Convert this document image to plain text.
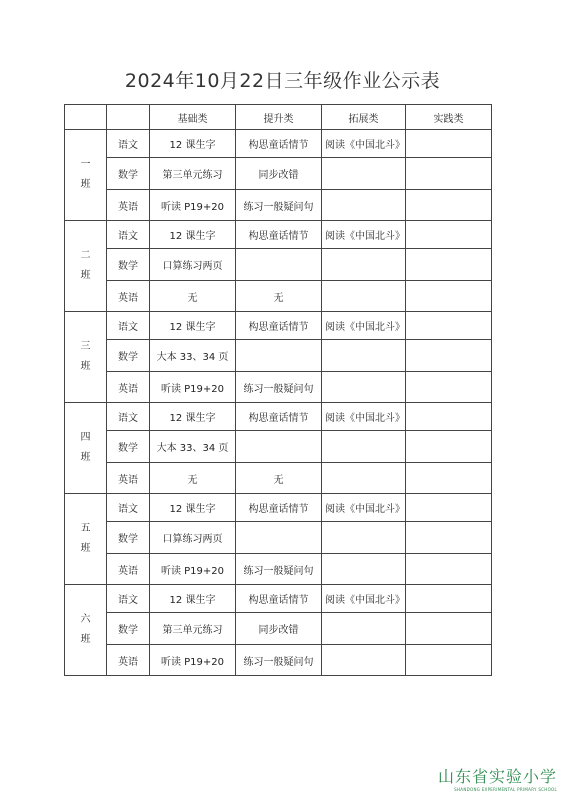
2024年10月22日三年级作业公示表
		基础类	提升类	拓展类	实践类

一
班	语文	12 课生字	构思童话情节	阅读《中国北斗》	
	数学	第三单元练习	同步改错		
	英语	听读 P19+20	练习一般疑问句		

二
班	语文	12 课生字	构思童话情节	阅读《中国北斗》	
	数学	口算练习两页			
	英语	无	无		

三
班	语文	12 课生字	构思童话情节	阅读《中国北斗》	
	数学	大本 33、34 页			
	英语	听读 P19+20	练习一般疑问句		

四
班	语文	12 课生字	构思童话情节	阅读《中国北斗》	
	数学	大本 33、34 页			
	英语	无	无		

五
班	语文	12 课生字	构思童话情节	阅读《中国北斗》	
	数学	口算练习两页			
	英语	听读 P19+20	练习一般疑问句		

六
班	语文	12 课生字	构思童话情节	阅读《中国北斗》	
	数学	第三单元练习	同步改错		
	英语	听读 P19+20	练习一般疑问句		
山东省实验小学
SHANDONG EXPERIMENTAL PRIMARY SCHOOL
